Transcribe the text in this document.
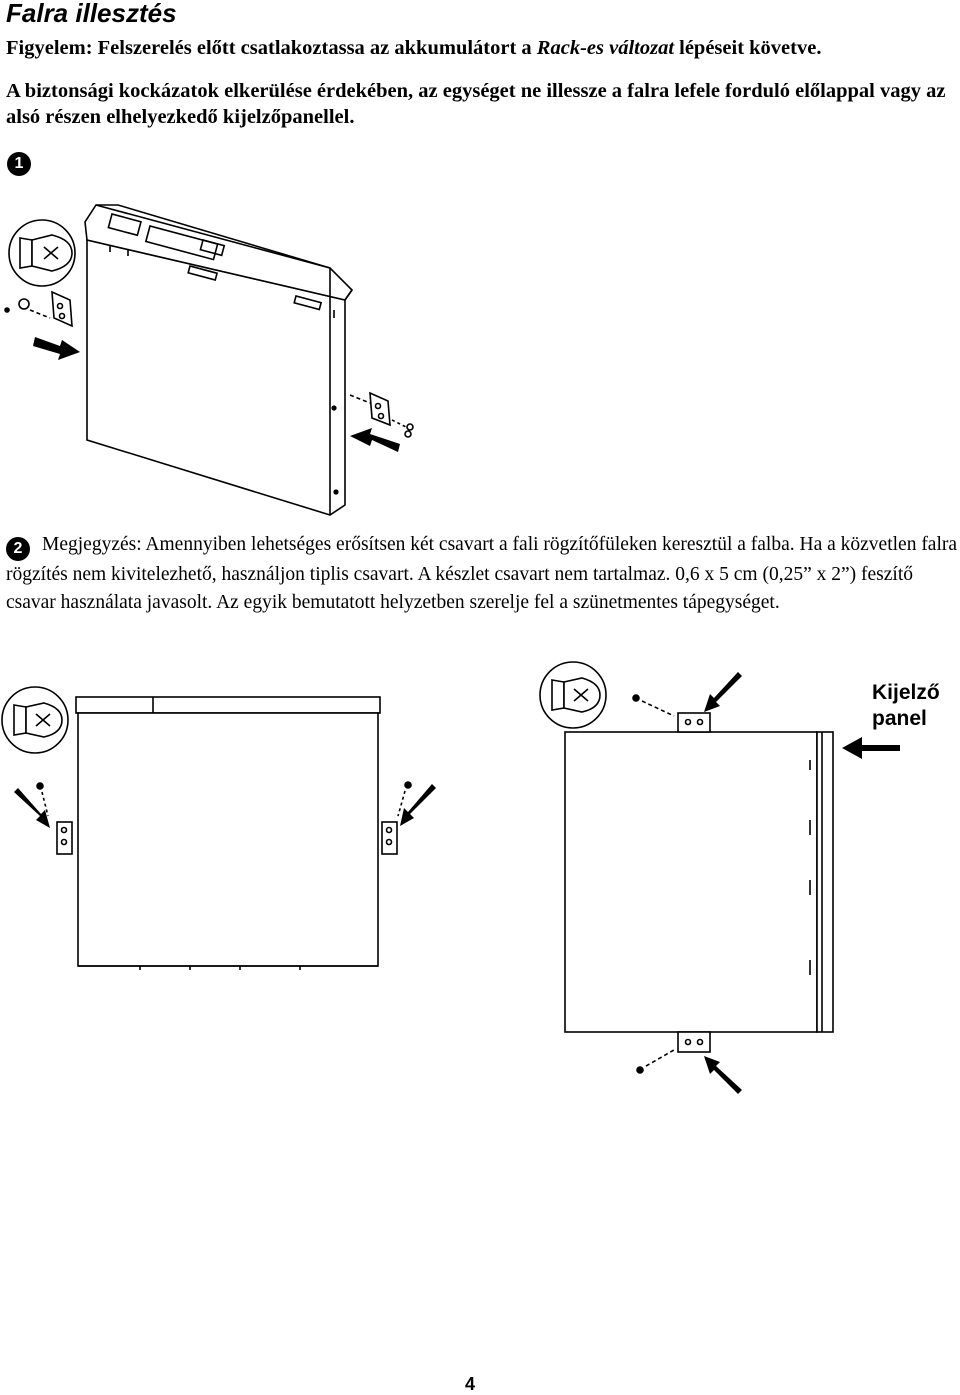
Falra illesztés
Figyelem: Felszerelés előtt csatlakoztassa az akkumulátort a Rack-es változat lépéseit követve.
A biztonsági kockázatok elkerülése érdekében, az egységet ne illessze a falra lefele forduló előlappal vagy az alsó részen elhelyezkedő kijelzőpanellel.
1
2 Megjegyzés: Amennyiben lehetséges erősítsen két csavart a fali rögzítőfüleken keresztül a falba. Ha a közvetlen falra rögzítés nem kivitelezhető, használjon tiplis csavart. A készlet csavart nem tartalmaz. 0,6 x 5 cm (0,25” x 2”) feszítő csavar használata javasolt. Az egyik bemutatott helyzetben szerelje fel a szünetmentes tápegységet.
Kijelző panel
4
